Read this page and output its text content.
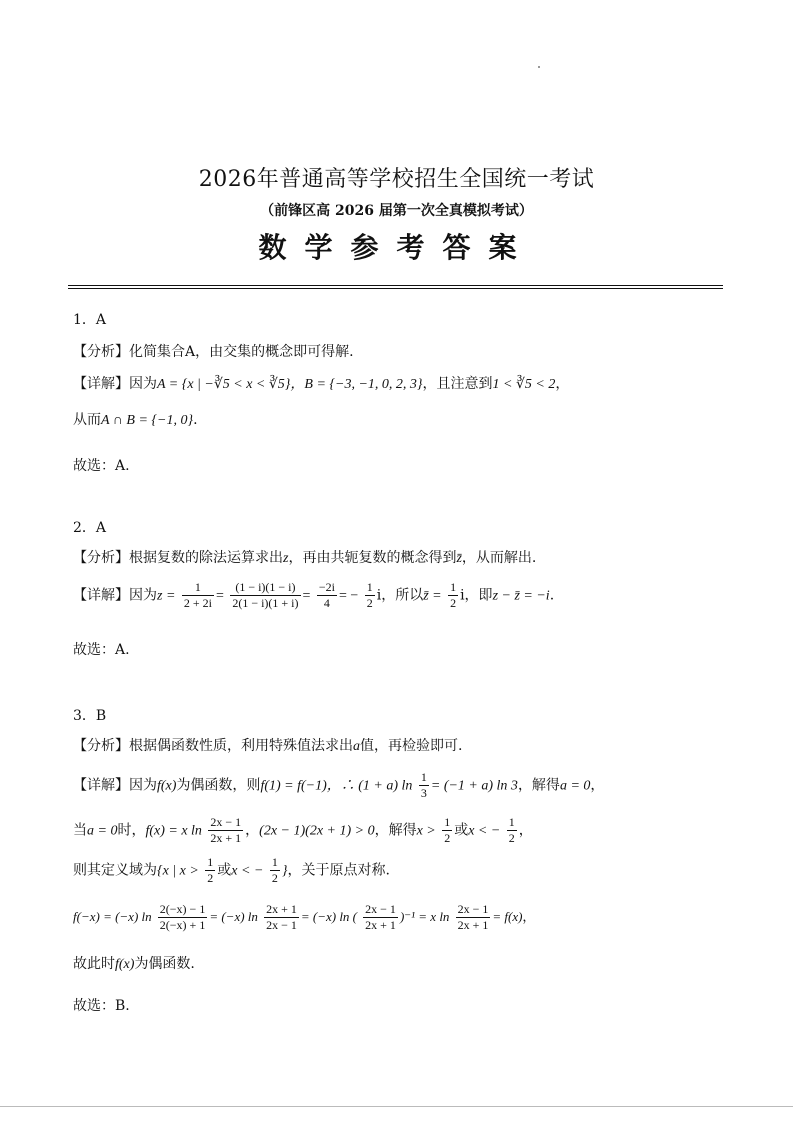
2026年普通高等学校招生全国统一考试
（前锋区高 2026 届第一次全真模拟考试）
数学参考答案
1．A
【分析】化简集合A，由交集的概念即可得解.
【详解】因为A = {x | −∛5 < x < ∛5}，B = {−3, −1, 0, 2, 3}，且注意到1 < ∛5 < 2，
从而A ∩ B = {−1, 0}.
故选：A.
2．A
【分析】根据复数的除法运算求出z，再由共轭复数的概念得到z̄，从而解出.
【详解】因为$z = \frac{1}{2 + 2i} = \frac{(1 - i)(1 - i)}{2(1 - i)(1 + i)} = \frac{-2i}{4}$ = − $\frac{1}{2}$ i，所以z̄ = $\frac{1}{2}$ i，即z − z̄ = −i.
故选：A.
3．B
【分析】根据偶函数性质，利用特殊值法求出a值，再检验即可.
【详解】因为f(x)为偶函数，则f(1) = f(−1)，∴ (1 + a) $\ln \frac{1}{3} = (-1 + a)$ ln 3，解得a = 0，
当a = 0时，f(x) = x $\ln \frac{2x - 1}{2x + 1}$ ，(2x − 1)(2x + 1) > 0，解得$x > \frac{1}{2}$ 或x < − $\frac{1}{2}$ ，
则其定义域为{x | $x > \frac{1}{2}$ 或x < − $\frac{1}{2}$ }，关于原点对称.
f(−x) = (−x) $\ln \frac{2(-x) - 1}{2(-x) + 1} = (-x)$ $\ln \frac{2x + 1}{2x - 1} = (-x)$ ln ( $\frac{2x - 1}{2x + 1} )^{-1} = x$ $\ln \frac{2x - 1}{2x + 1} = f(x)$，
故此时f(x)为偶函数.
故选：B.
